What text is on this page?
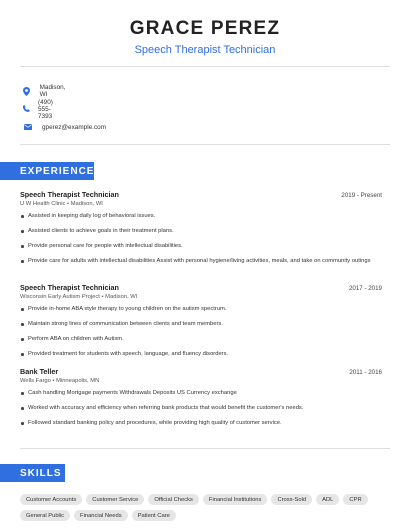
GRACE PEREZ
Speech Therapist Technician
Madison, WI
(490) 555-7393
gperez@example.com
EXPERIENCE
Speech Therapist Technician	2019 - Present
U W Health Clinic • Madison, WI
Assisted in keeping daily log of behavioral issues.
Assisted clients to achieve goals in their treatment plans.
Provide personal care for people with intellectual disabilities.
Provide care for adults with intellectual disabilities Assist with personal hygiene/living activities, meals, and take on community outings
Speech Therapist Technician	2017 - 2019
Wisconsin Early Autism Project • Madison, WI
Provide in-home ABA style therapy to young children on the autism spectrum.
Maintain strong lines of communication between clients and team members.
Perform ABA on children with Autism.
Provided treatment for students with speech, language, and fluency disorders.
Bank Teller	2011 - 2016
Wells Fargo • Minneapolis, MN
Cash handling Mortgage payments Withdrawals Deposits US Currency exchange
Worked with accuracy and efficiency when referring bank products that would benefit the customer's needs.
Followed standard banking policy and procedures, while providing high quality of customer service.
SKILLS
Customer Accounts	Customer Service	Official Checks	Financial Institutions	Cross-Sold	ADL	CPR
General Public	Financial Needs	Patient Care
